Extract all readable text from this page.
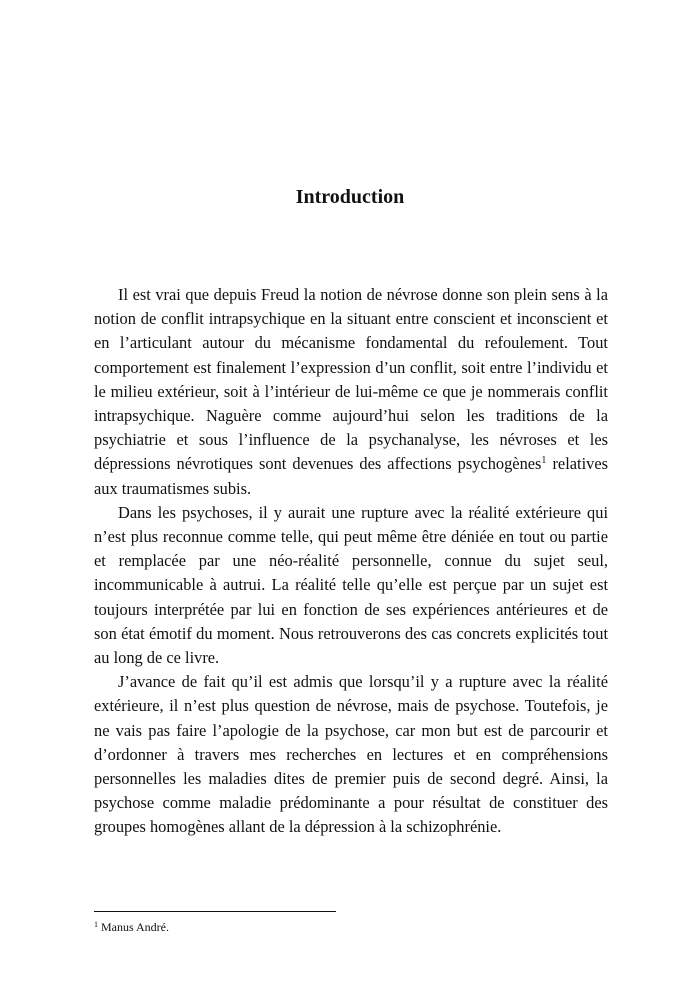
Introduction

Il est vrai que depuis Freud la notion de névrose donne son plein sens à la notion de conflit intrapsychique en la situant entre conscient et inconscient et en l’articulant autour du mécanisme fondamental du refoulement. Tout comportement est finalement l’expression d’un conflit, soit entre l’individu et le milieu extérieur, soit à l’intérieur de lui-même ce que je nommerais conflit intrapsychique. Naguère comme aujourd’hui selon les traditions de la psychiatrie et sous l’influence de la psychanalyse, les névroses et les dépressions névrotiques sont devenues des affections psychogènes$^1$ relatives aux traumatismes subis.

Dans les psychoses, il y aurait une rupture avec la réalité extérieure qui n’est plus reconnue comme telle, qui peut même être déniée en tout ou partie et remplacée par une néo-réalité personnelle, connue du sujet seul, incommunicable à autrui. La réalité telle qu’elle est perçue par un sujet est toujours interprétée par lui en fonction de ses expériences antérieures et de son état émotif du moment. Nous retrouverons des cas concrets explicités tout au long de ce livre.

J’avance de fait qu’il est admis que lorsqu’il y a rupture avec la réalité extérieure, il n’est plus question de névrose, mais de psychose. Toutefois, je ne vais pas faire l’apologie de la psychose, car mon but est de parcourir et d’ordonner à travers mes recherches en lectures et en compréhensions personnelles les maladies dites de premier puis de second degré. Ainsi, la psychose comme maladie prédominante a pour résultat de constituer des groupes homogènes allant de la dépression à la schizophrénie.

$^1$ Manus André.
